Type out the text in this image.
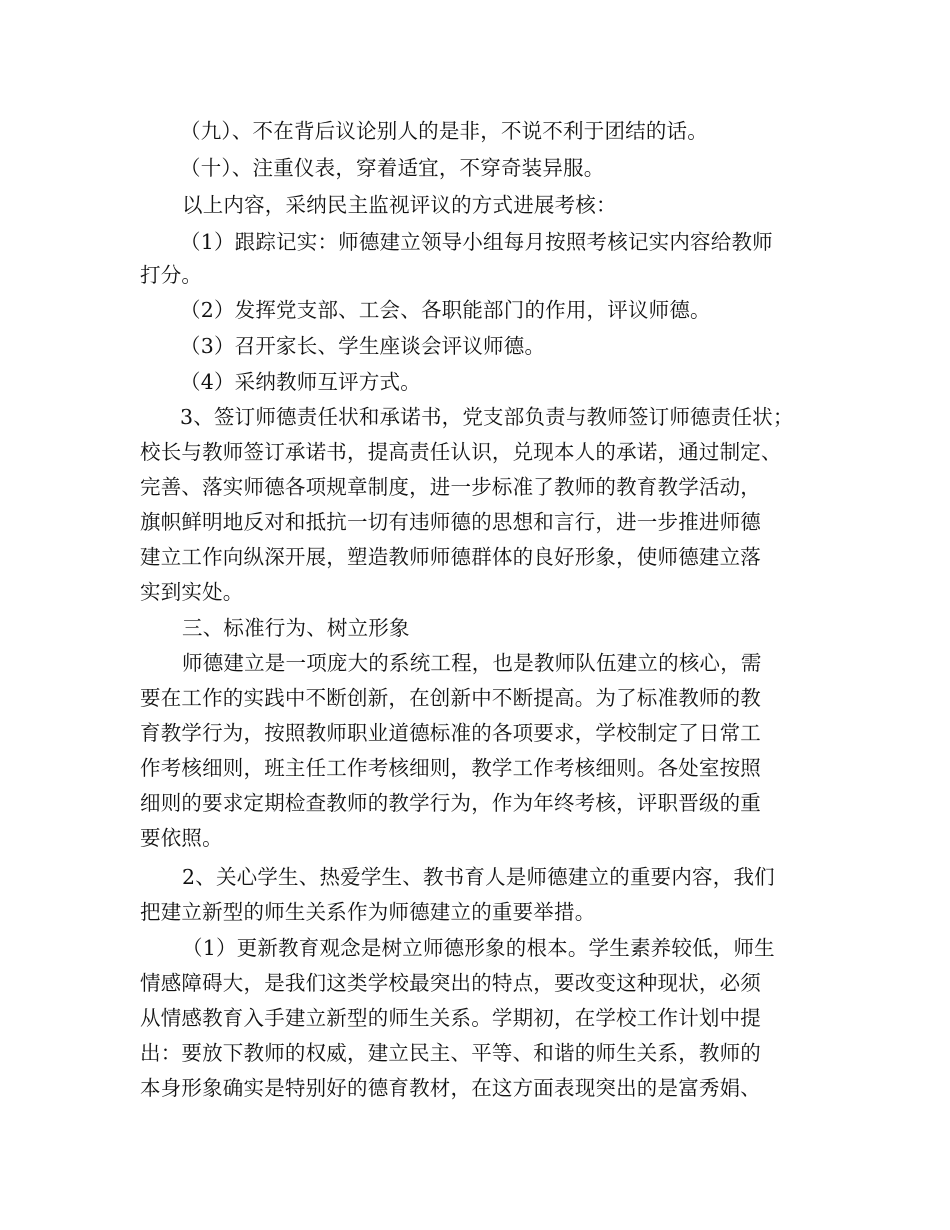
（九）、不在背后议论别人的是非，不说不利于团结的话。
（十）、注重仪表，穿着适宜，不穿奇装异服。
以上内容，采纳民主监视评议的方式进展考核：
（1）跟踪记实：师德建立领导小组每月按照考核记实内容给教师
打分。
（2）发挥党支部、工会、各职能部门的作用，评议师德。
（3）召开家长、学生座谈会评议师德。
（4）采纳教师互评方式。
3、签订师德责任状和承诺书，党支部负责与教师签订师德责任状；
校长与教师签订承诺书，提高责任认识，兑现本人的承诺，通过制定、
完善、落实师德各项规章制度，进一步标准了教师的教育教学活动，
旗帜鲜明地反对和抵抗一切有违师德的思想和言行，进一步推进师德
建立工作向纵深开展，塑造教师师德群体的良好形象，使师德建立落
实到实处。
三、标准行为、树立形象
师德建立是一项庞大的系统工程，也是教师队伍建立的核心，需
要在工作的实践中不断创新，在创新中不断提高。为了标准教师的教
育教学行为，按照教师职业道德标准的各项要求，学校制定了日常工
作考核细则，班主任工作考核细则，教学工作考核细则。各处室按照
细则的要求定期检查教师的教学行为，作为年终考核，评职晋级的重
要依照。
2、关心学生、热爱学生、教书育人是师德建立的重要内容，我们
把建立新型的师生关系作为师德建立的重要举措。
（1）更新教育观念是树立师德形象的根本。学生素养较低，师生
情感障碍大，是我们这类学校最突出的特点，要改变这种现状，必须
从情感教育入手建立新型的师生关系。学期初，在学校工作计划中提
出：要放下教师的权威，建立民主、平等、和谐的师生关系，教师的
本身形象确实是特别好的德育教材，在这方面表现突出的是富秀娟、
